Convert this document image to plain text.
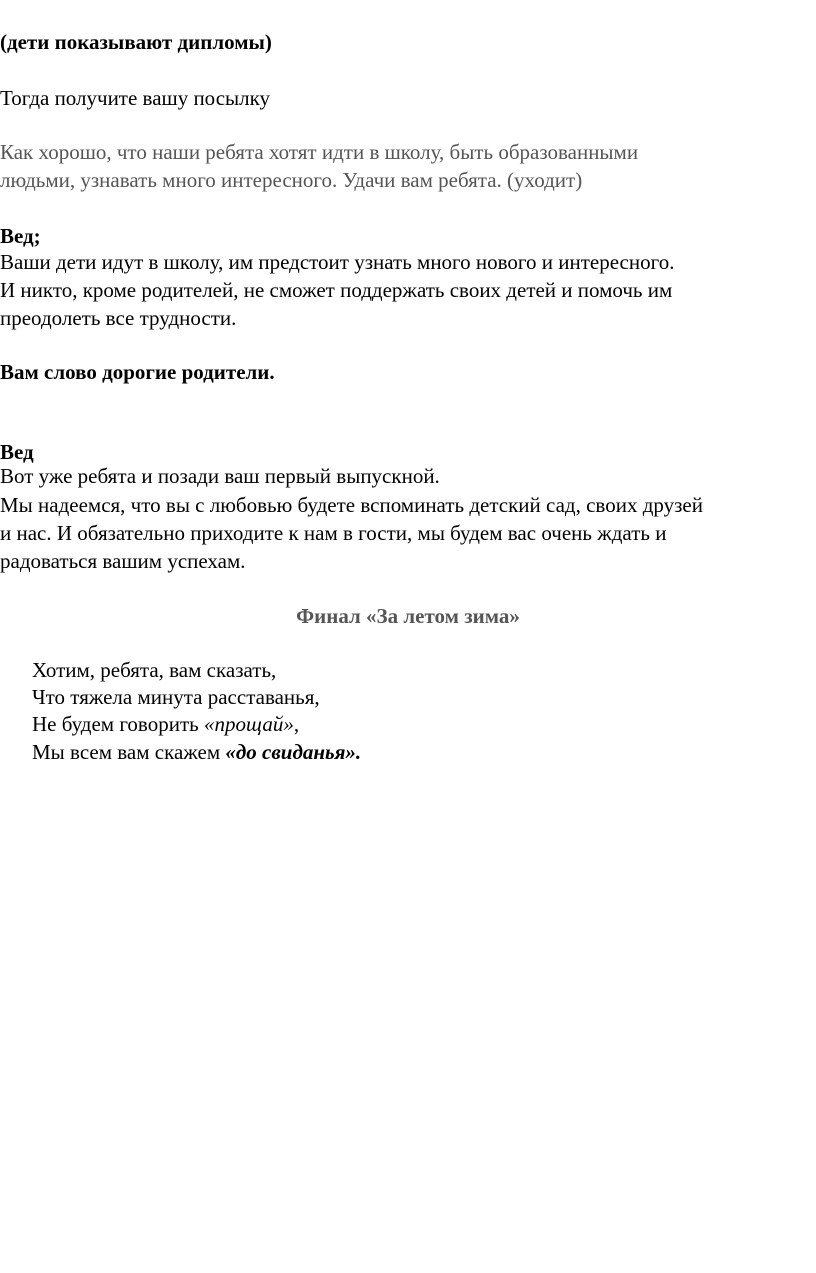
(дети показывают дипломы)

Тогда получите вашу посылку

Как хорошо, что наши ребята хотят идти в школу, быть образованными

людьми, узнавать много интересного. Удачи вам ребята. (уходит)

Вед;

Ваши дети идут в школу, им предстоит узнать много нового и интересного.

И никто, кроме родителей, не сможет поддержать своих детей и помочь им

преодолеть все трудности.

Вам слово дорогие родители.

Вед

Вот уже ребята и позади ваш первый выпускной.

Мы надеемся, что вы с любовью будете вспоминать детский сад, своих друзей

и нас. И обязательно приходите к нам в гости, мы будем вас очень ждать и

радоваться вашим успехам.

Финал «За летом зима»

Хотим, ребята, вам сказать,

Что тяжела минута расставанья,

Не будем говорить «прощай»,

Мы всем вам скажем «до свиданья».
